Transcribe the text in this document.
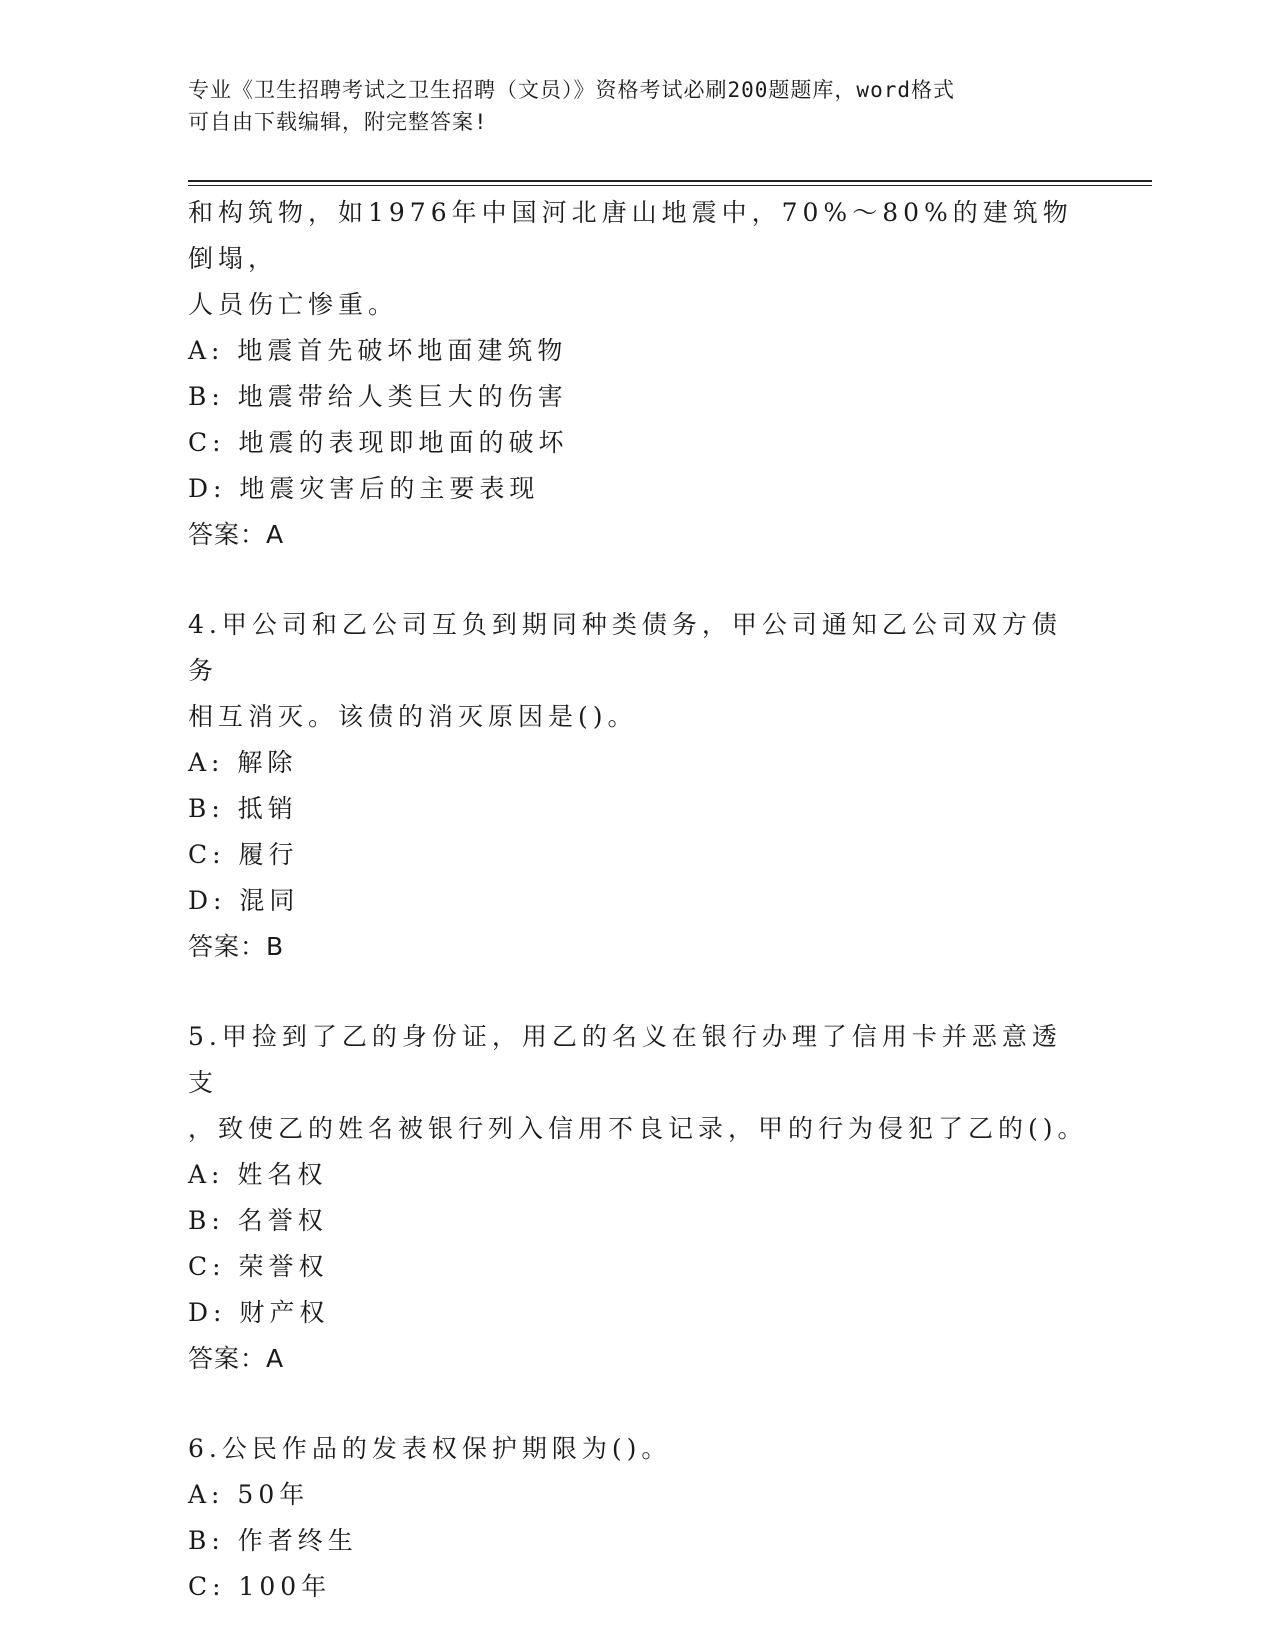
专业《卫生招聘考试之卫生招聘（文员）》资格考试必刷200题题库，word格式
可自由下载编辑，附完整答案!

和构筑物，如1976年中国河北唐山地震中，70%～80%的建筑物倒塌，

人员伤亡惨重。

A: 地震首先破坏地面建筑物

B: 地震带给人类巨大的伤害

C: 地震的表现即地面的破坏

D: 地震灾害后的主要表现

答案：A

4.甲公司和乙公司互负到期同种类债务，甲公司通知乙公司双方债务

相互消灭。该债的消灭原因是()。

A: 解除

B: 抵销

C: 履行

D: 混同

答案：B

5.甲捡到了乙的身份证，用乙的名义在银行办理了信用卡并恶意透支

，致使乙的姓名被银行列入信用不良记录，甲的行为侵犯了乙的()。

A: 姓名权

B: 名誉权

C: 荣誉权

D: 财产权

答案：A

6.公民作品的发表权保护期限为()。

A: 50年

B: 作者终生

C: 100年
